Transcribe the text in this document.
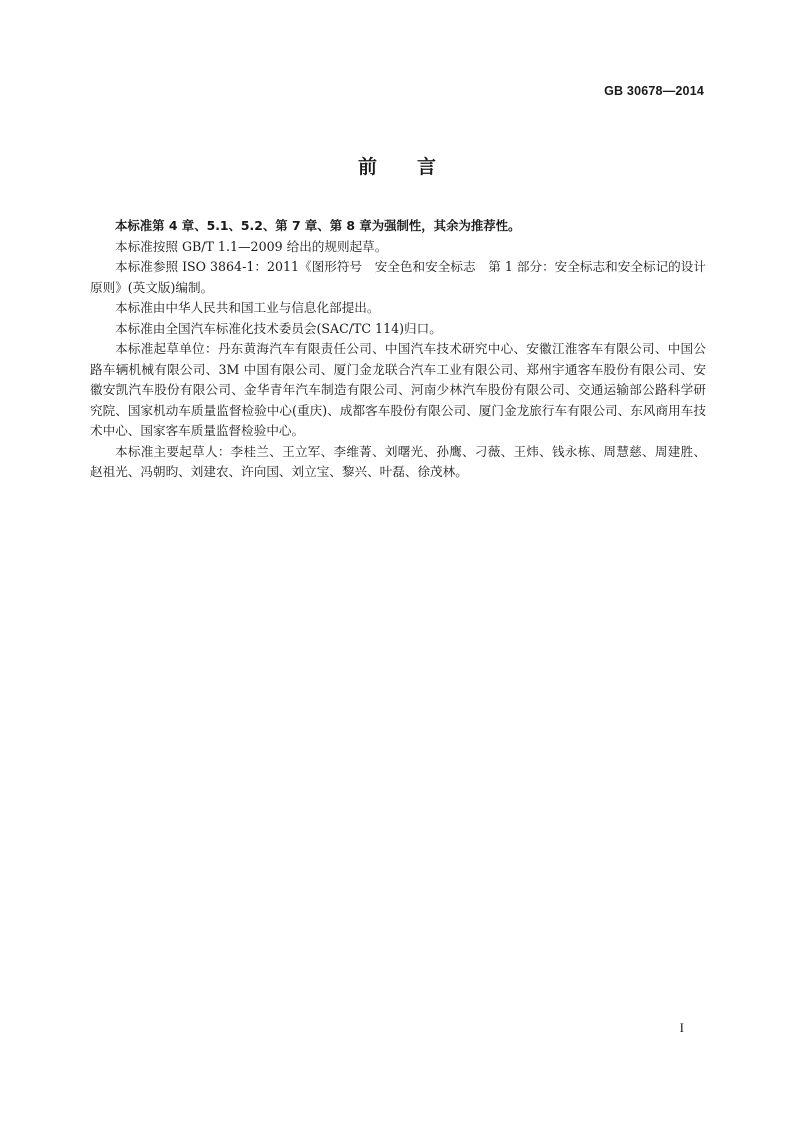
GB 30678—2014
前 言

本标准第 4 章、5.1、5.2、第 7 章、第 8 章为强制性，其余为推荐性。

本标准按照 GB/T 1.1—2009 给出的规则起草。

本标准参照 ISO 3864-1：2011《图形符号　安全色和安全标志　第 1 部分：安全标志和安全标记的设计原则》(英文版)编制。

本标准由中华人民共和国工业与信息化部提出。

本标准由全国汽车标准化技术委员会(SAC/TC 114)归口。

本标准起草单位：丹东黄海汽车有限责任公司、中国汽车技术研究中心、安徽江淮客车有限公司、中国公路车辆机械有限公司、3M 中国有限公司、厦门金龙联合汽车工业有限公司、郑州宇通客车股份有限公司、安徽安凯汽车股份有限公司、金华青年汽车制造有限公司、河南少林汽车股份有限公司、交通运输部公路科学研究院、国家机动车质量监督检验中心(重庆)、成都客车股份有限公司、厦门金龙旅行车有限公司、东风商用车技术中心、国家客车质量监督检验中心。

本标准主要起草人：李桂兰、王立军、李维菁、刘曙光、孙鹰、刁薇、王炜、钱永栋、周慧慈、周建胜、赵祖光、冯朝昀、刘建农、许向国、刘立宝、黎兴、叶磊、徐茂林。

I
